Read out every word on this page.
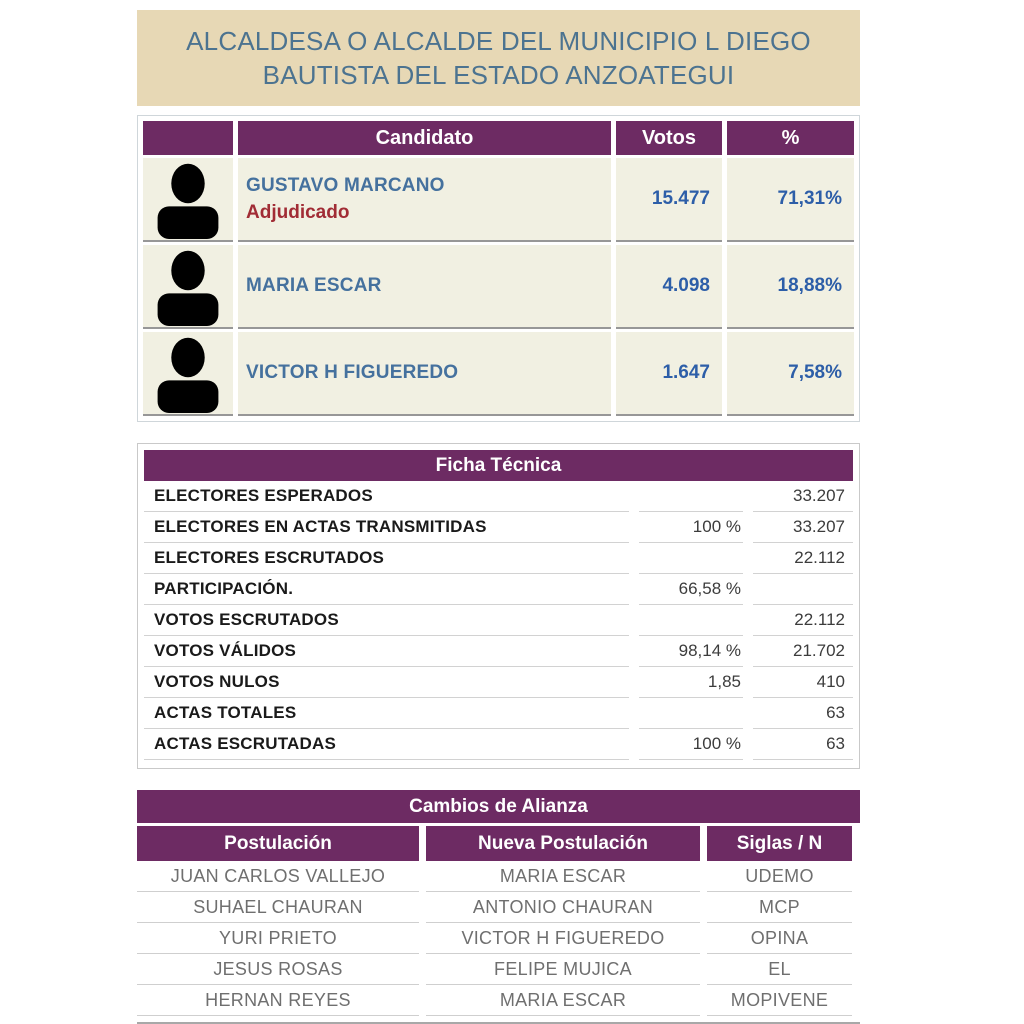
ALCALDESA O ALCALDE DEL MUNICIPIO L DIEGO BAUTISTA DEL ESTADO ANZOATEGUI
Candidato	Votos	%
GUSTAVO MARCANO
Adjudicado
15.477	71,31%
MARIA ESCAR	4.098	18,88%
VICTOR H FIGUEREDO	1.647	7,58%
Ficha Técnica
ELECTORES ESPERADOS	33.207
ELECTORES EN ACTAS TRANSMITIDAS	100 %	33.207
ELECTORES ESCRUTADOS	22.112
PARTICIPACIÓN.	66,58 %
VOTOS ESCRUTADOS	22.112
VOTOS VÁLIDOS	98,14 %	21.702
VOTOS NULOS	1,85	410
ACTAS TOTALES	63
ACTAS ESCRUTADAS	100 %	63
Cambios de Alianza
Postulación	Nueva Postulación	Siglas / N
JUAN CARLOS VALLEJO	MARIA ESCAR	UDEMO
SUHAEL CHAURAN	ANTONIO CHAURAN	MCP
YURI PRIETO	VICTOR H FIGUEREDO	OPINA
JESUS ROSAS	FELIPE MUJICA	EL
HERNAN REYES	MARIA ESCAR	MOPIVENE
